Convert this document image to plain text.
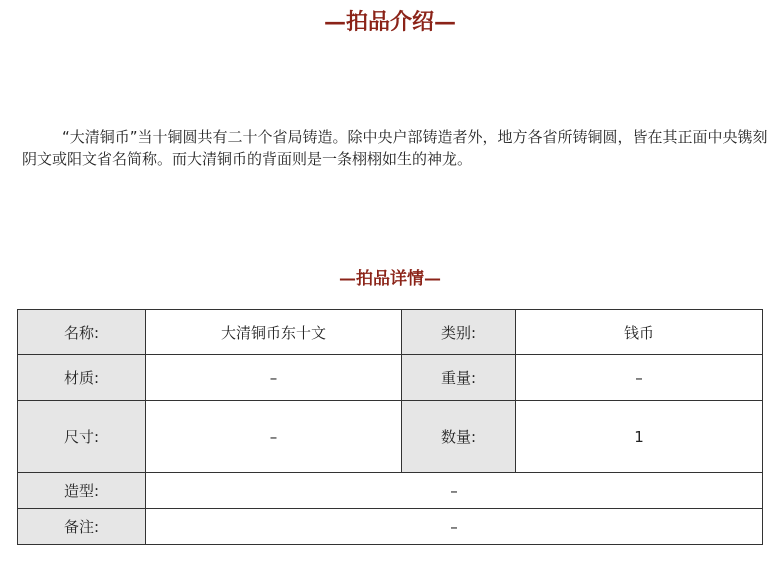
—拍品介绍—
“大清铜币”当十铜圆共有二十个省局铸造。除中央户部铸造者外，地方各省所铸铜圆，皆在其正面中央镌刻阴文或阳文省名简称。而大清铜币的背面则是一条栩栩如生的神龙。
—拍品详情—
名称:	大清铜币东十文	类别:	钱币
材质:	–	重量:	–
尺寸:	–	数量:	1
造型:	–		
备注:	–		
